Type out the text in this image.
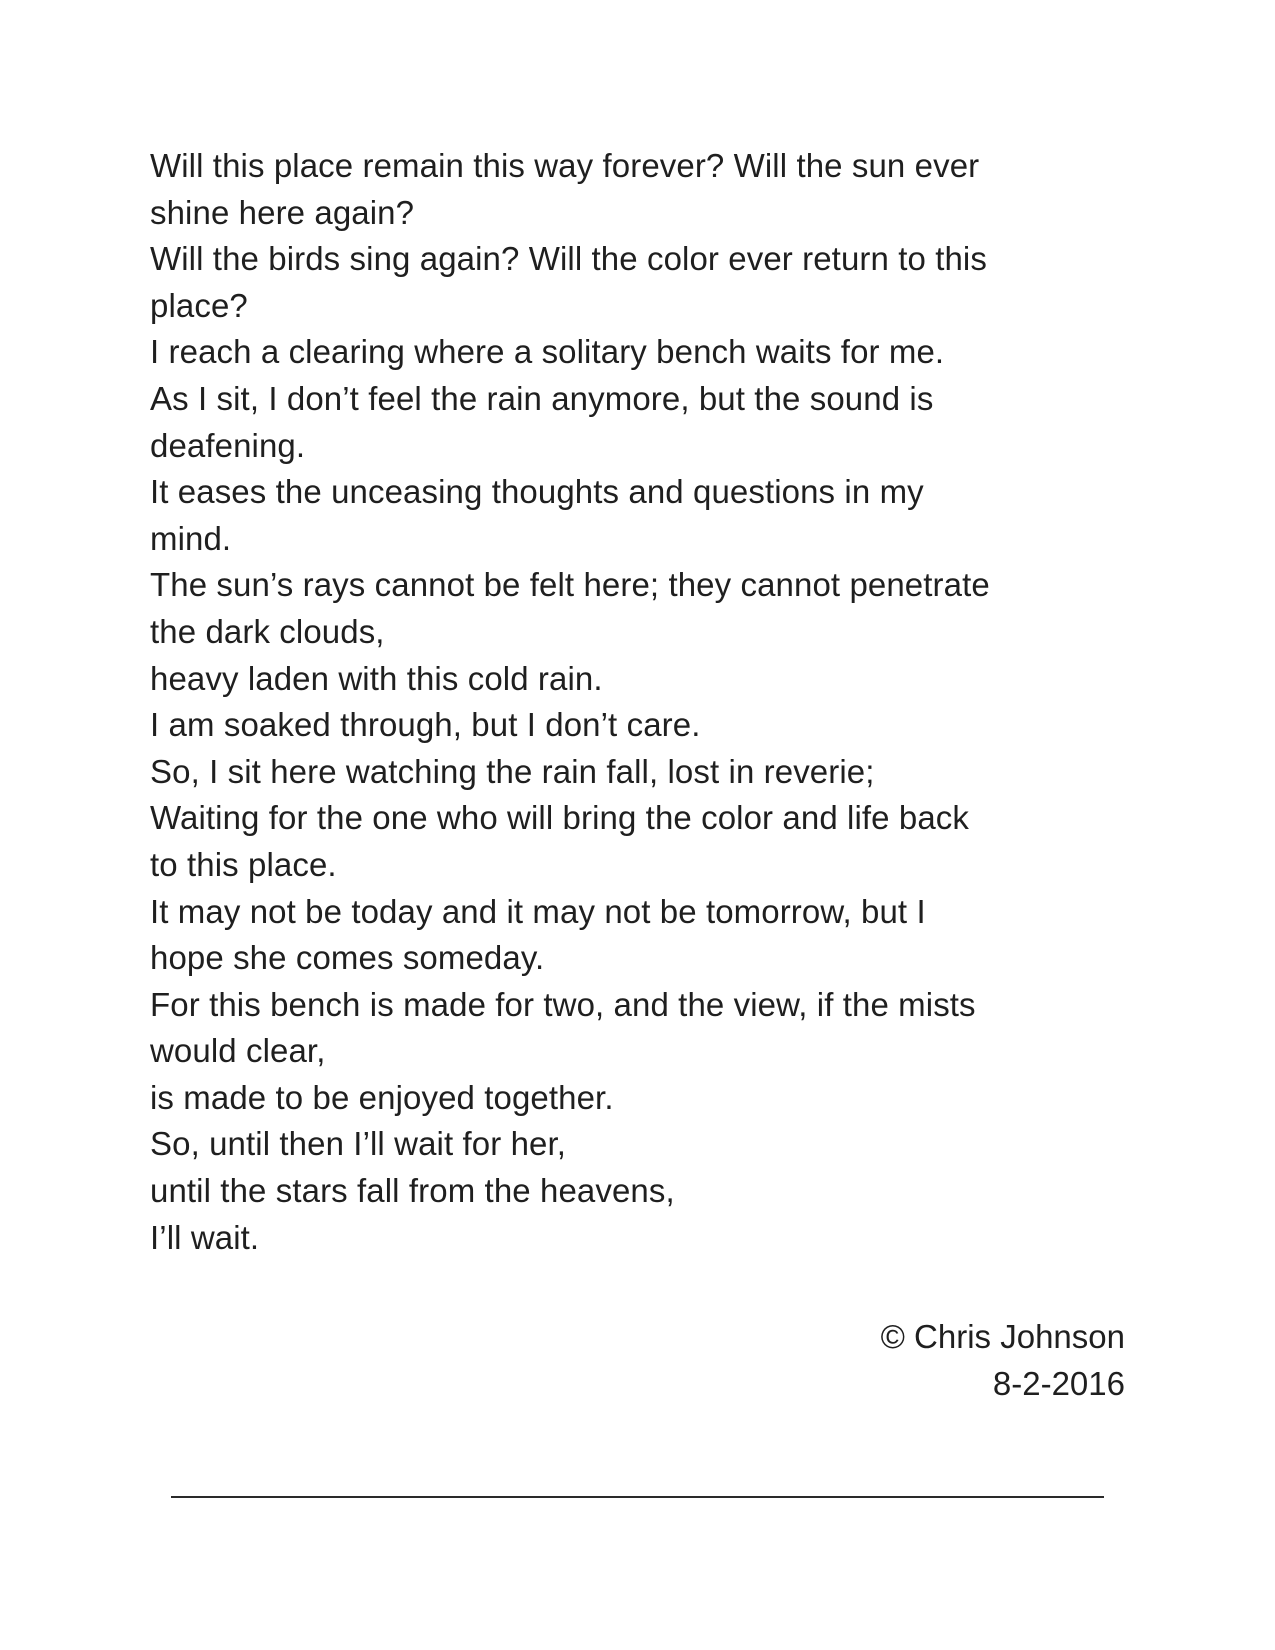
Will this place remain this way forever? Will the sun ever
shine here again?
Will the birds sing again? Will the color ever return to this
place?
I reach a clearing where a solitary bench waits for me.
As I sit, I don’t feel the rain anymore, but the sound is
deafening.
It eases the unceasing thoughts and questions in my
mind.
The sun’s rays cannot be felt here; they cannot penetrate
the dark clouds,
heavy laden with this cold rain.
I am soaked through, but I don’t care.
So, I sit here watching the rain fall, lost in reverie;
Waiting for the one who will bring the color and life back
to this place.
It may not be today and it may not be tomorrow, but I
hope she comes someday.
For this bench is made for two, and the view, if the mists
would clear,
is made to be enjoyed together.
So, until then I’ll wait for her,
until the stars fall from the heavens,
I’ll wait.
© Chris Johnson
8-2-2016
